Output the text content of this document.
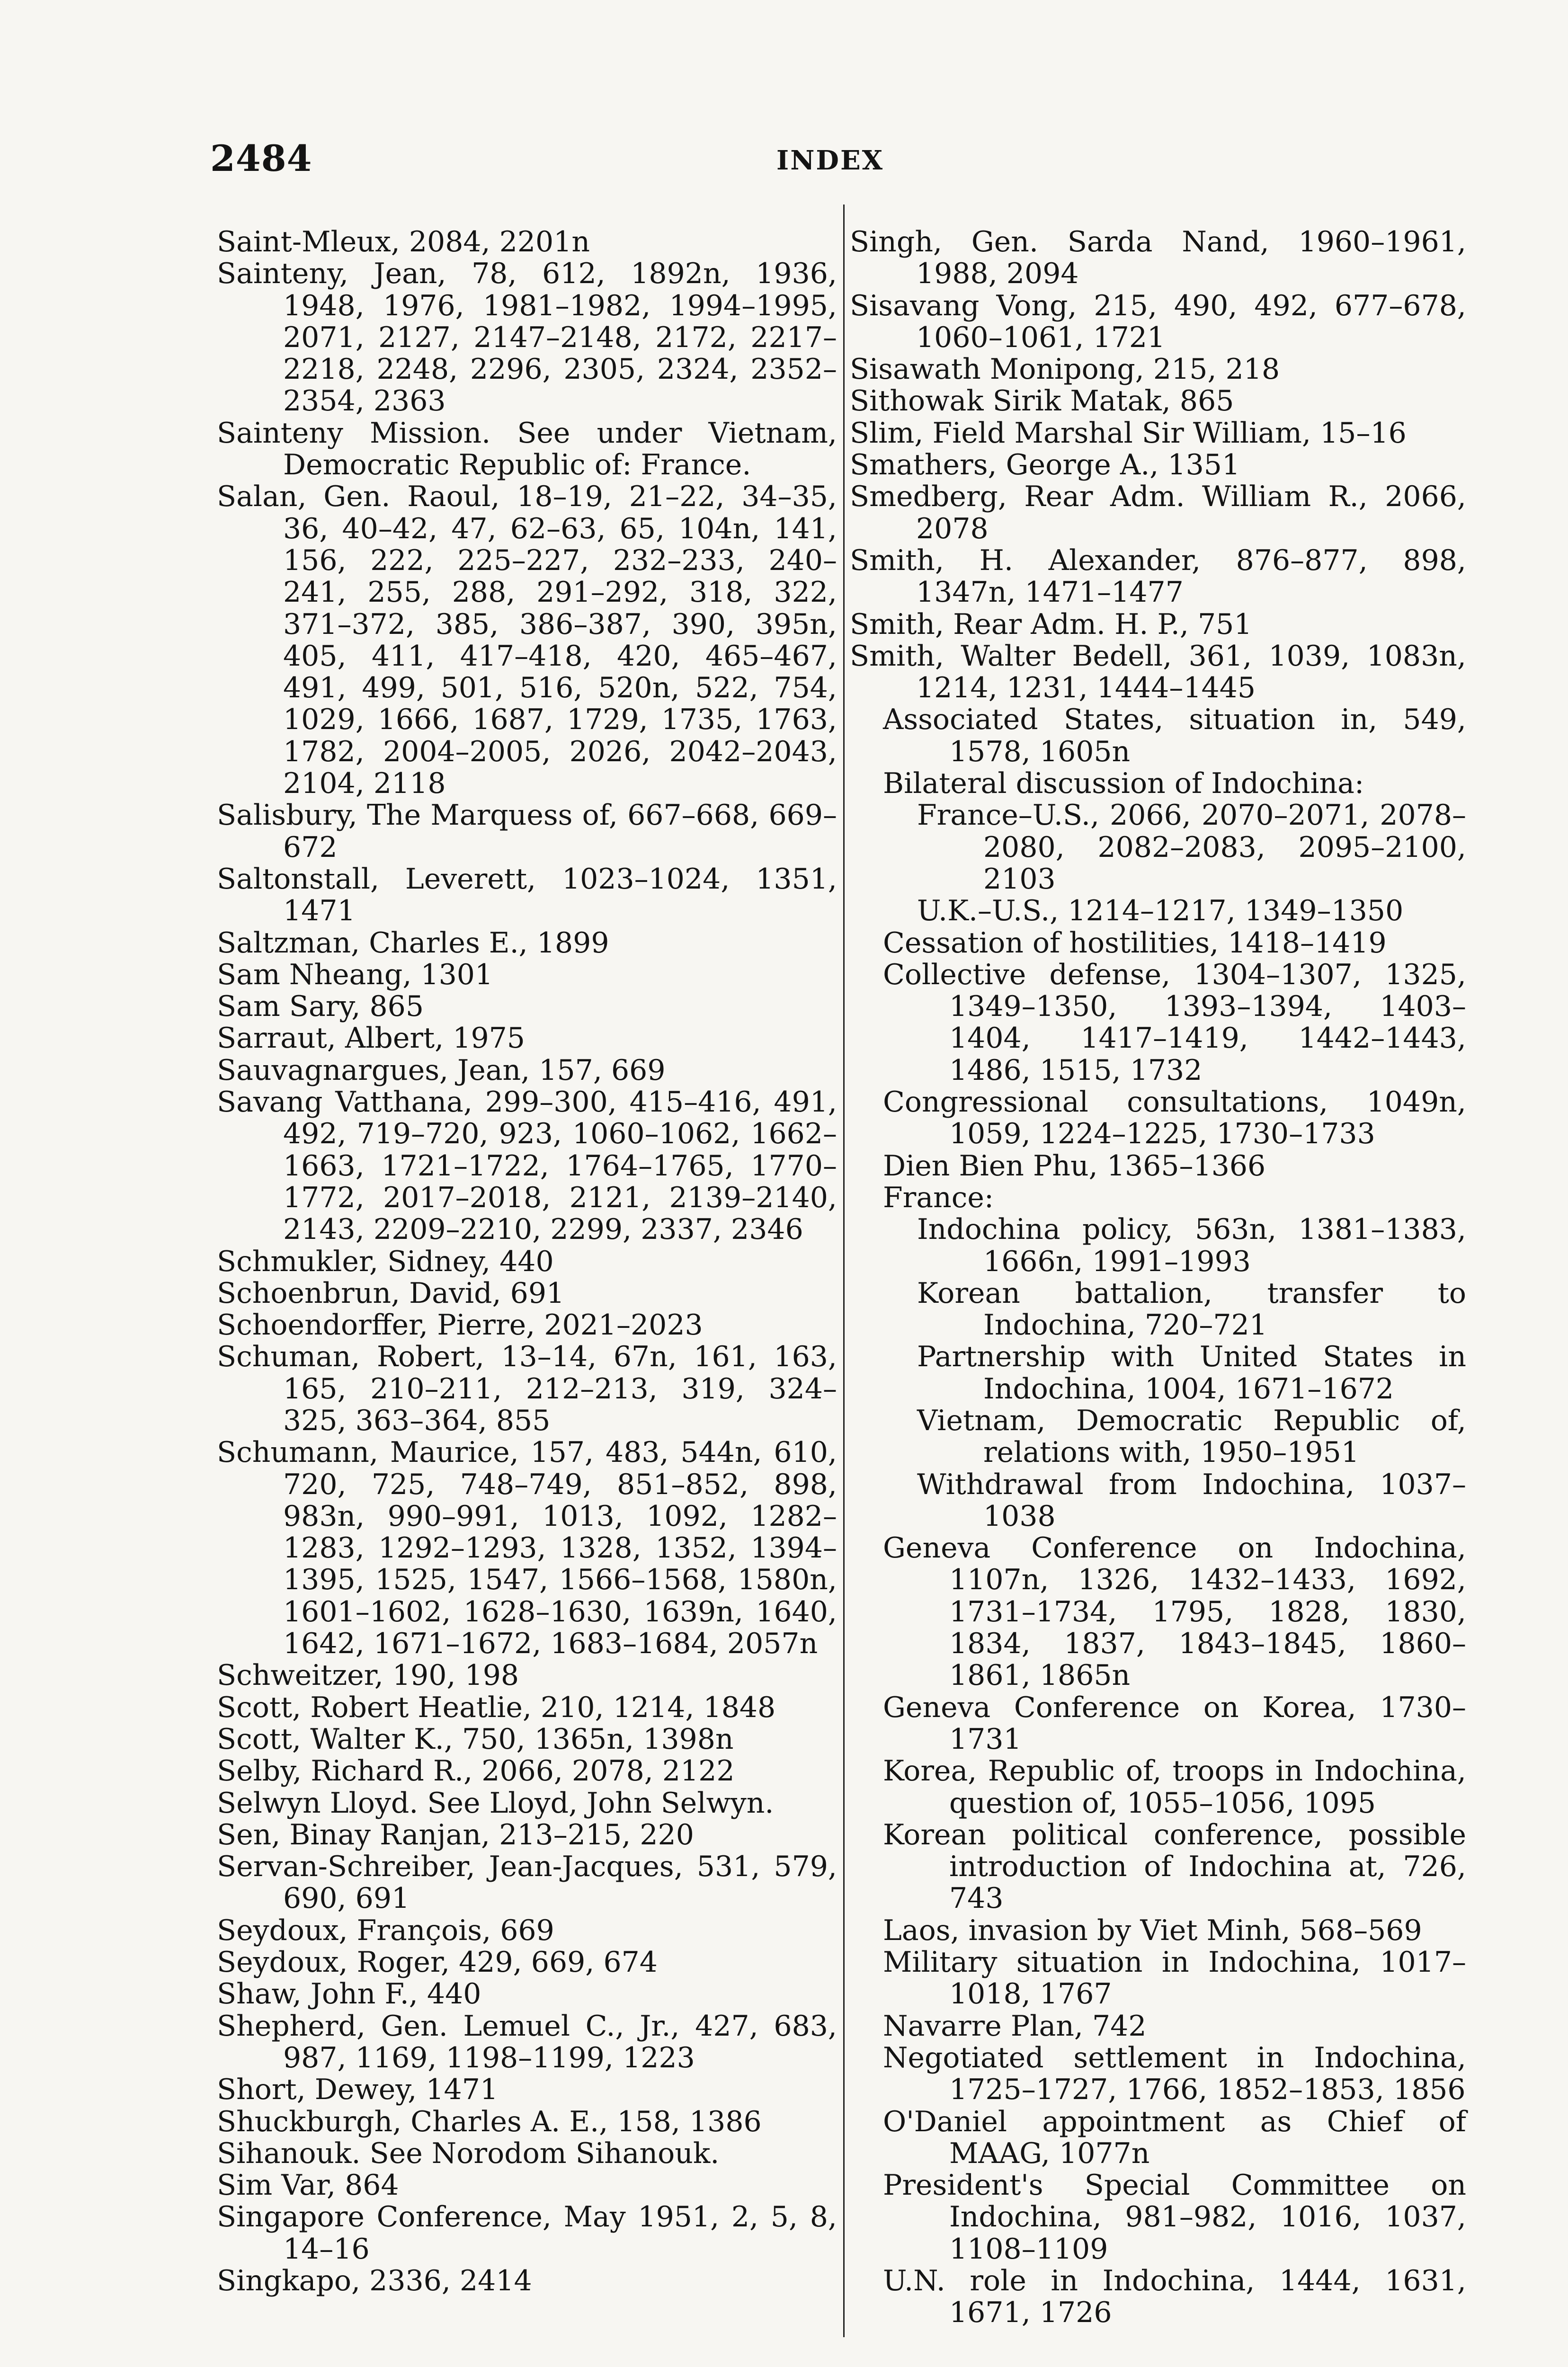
2484	INDEX
Saint-Mleux, 2084, 2201n
Sainteny, Jean, 78, 612, 1892n, 1936, 1948, 1976, 1981–1982, 1994–1995, 2071, 2127, 2147–2148, 2172, 2217–2218, 2248, 2296, 2305, 2324, 2352–2354, 2363
Sainteny Mission. See under Vietnam, Democratic Republic of: France.
Salan, Gen. Raoul, 18–19, 21–22, 34–35, 36, 40–42, 47, 62–63, 65, 104n, 141, 156, 222, 225–227, 232–233, 240–241, 255, 288, 291–292, 318, 322, 371–372, 385, 386–387, 390, 395n, 405, 411, 417–418, 420, 465–467, 491, 499, 501, 516, 520n, 522, 754, 1029, 1666, 1687, 1729, 1735, 1763, 1782, 2004–2005, 2026, 2042–2043, 2104, 2118
Salisbury, The Marquess of, 667–668, 669–672
Saltonstall, Leverett, 1023–1024, 1351, 1471
Saltzman, Charles E., 1899
Sam Nheang, 1301
Sam Sary, 865
Sarraut, Albert, 1975
Sauvagnargues, Jean, 157, 669
Savang Vatthana, 299–300, 415–416, 491, 492, 719–720, 923, 1060–1062, 1662–1663, 1721–1722, 1764–1765, 1770–1772, 2017–2018, 2121, 2139–2140, 2143, 2209–2210, 2299, 2337, 2346
Schmukler, Sidney, 440
Schoenbrun, David, 691
Schoendorffer, Pierre, 2021–2023
Schuman, Robert, 13–14, 67n, 161, 163, 165, 210–211, 212–213, 319, 324–325, 363–364, 855
Schumann, Maurice, 157, 483, 544n, 610, 720, 725, 748–749, 851–852, 898, 983n, 990–991, 1013, 1092, 1282–1283, 1292–1293, 1328, 1352, 1394–1395, 1525, 1547, 1566–1568, 1580n, 1601–1602, 1628–1630, 1639n, 1640, 1642, 1671–1672, 1683–1684, 2057n
Schweitzer, 190, 198
Scott, Robert Heatlie, 210, 1214, 1848
Scott, Walter K., 750, 1365n, 1398n
Selby, Richard R., 2066, 2078, 2122
Selwyn Lloyd. See Lloyd, John Selwyn.
Sen, Binay Ranjan, 213–215, 220
Servan-Schreiber, Jean-Jacques, 531, 579, 690, 691
Seydoux, François, 669
Seydoux, Roger, 429, 669, 674
Shaw, John F., 440
Shepherd, Gen. Lemuel C., Jr., 427, 683, 987, 1169, 1198–1199, 1223
Short, Dewey, 1471
Shuckburgh, Charles A. E., 158, 1386
Sihanouk. See Norodom Sihanouk.
Sim Var, 864
Singapore Conference, May 1951, 2, 5, 8, 14–16
Singkapo, 2336, 2414
Singh, Gen. Sarda Nand, 1960–1961, 1988, 2094
Sisavang Vong, 215, 490, 492, 677–678, 1060–1061, 1721
Sisawath Monipong, 215, 218
Sithowak Sirik Matak, 865
Slim, Field Marshal Sir William, 15–16
Smathers, George A., 1351
Smedberg, Rear Adm. William R., 2066, 2078
Smith, H. Alexander, 876–877, 898, 1347n, 1471–1477
Smith, Rear Adm. H. P., 751
Smith, Walter Bedell, 361, 1039, 1083n, 1214, 1231, 1444–1445
Associated States, situation in, 549, 1578, 1605n
Bilateral discussion of Indochina:
France–U.S., 2066, 2070–2071, 2078–2080, 2082–2083, 2095–2100, 2103
U.K.–U.S., 1214–1217, 1349–1350
Cessation of hostilities, 1418–1419
Collective defense, 1304–1307, 1325, 1349–1350, 1393–1394, 1403–1404, 1417–1419, 1442–1443, 1486, 1515, 1732
Congressional consultations, 1049n, 1059, 1224–1225, 1730–1733
Dien Bien Phu, 1365–1366
France:
Indochina policy, 563n, 1381–1383, 1666n, 1991–1993
Korean battalion, transfer to Indochina, 720–721
Partnership with United States in Indochina, 1004, 1671–1672
Vietnam, Democratic Republic of, relations with, 1950–1951
Withdrawal from Indochina, 1037–1038
Geneva Conference on Indochina, 1107n, 1326, 1432–1433, 1692, 1731–1734, 1795, 1828, 1830, 1834, 1837, 1843–1845, 1860–1861, 1865n
Geneva Conference on Korea, 1730–1731
Korea, Republic of, troops in Indochina, question of, 1055–1056, 1095
Korean political conference, possible introduction of Indochina at, 726, 743
Laos, invasion by Viet Minh, 568–569
Military situation in Indochina, 1017–1018, 1767
Navarre Plan, 742
Negotiated settlement in Indochina, 1725–1727, 1766, 1852–1853, 1856
O'Daniel appointment as Chief of MAAG, 1077n
President's Special Committee on Indochina, 981–982, 1016, 1037, 1108–1109
U.N. role in Indochina, 1444, 1631, 1671, 1726
